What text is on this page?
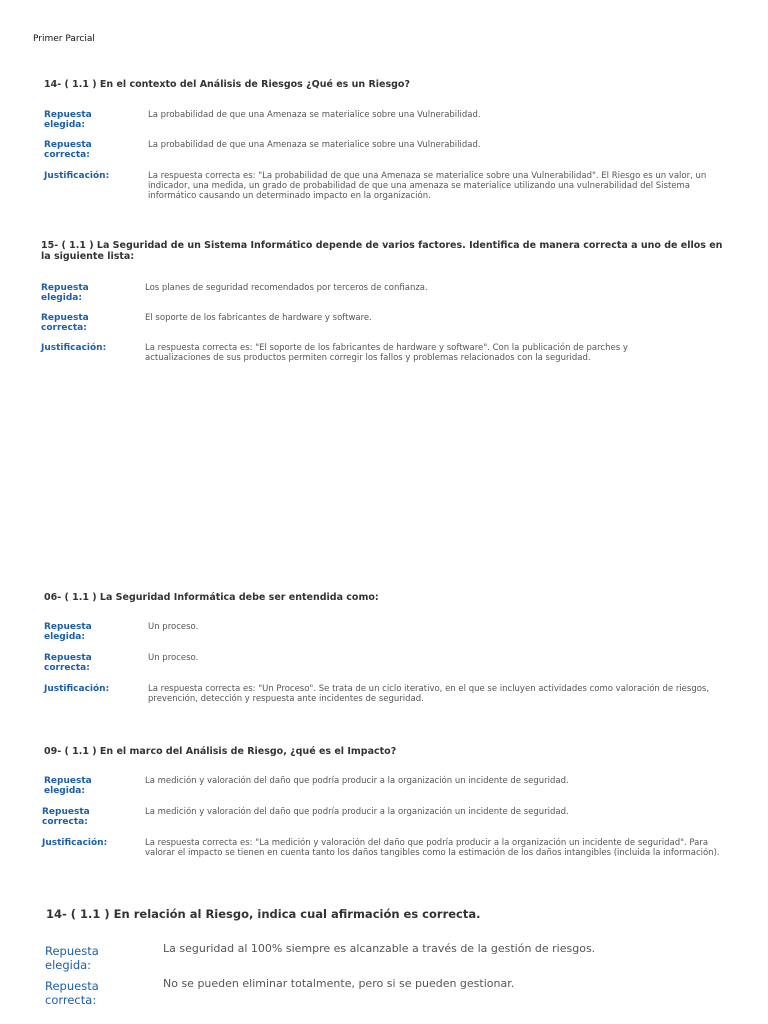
Primer Parcial
14- ( 1.1 ) En el contexto del Análisis de Riesgos ¿Qué es un Riesgo?
Repuesta elegida:
La probabilidad de que una Amenaza se materialice sobre una Vulnerabilidad.
Repuesta correcta:
La probabilidad de que una Amenaza se materialice sobre una Vulnerabilidad.
Justificación:	La respuesta correcta es: "La probabilidad de que una Amenaza se materialice sobre una Vulnerabilidad". El Riesgo es un valor, un indicador, una medida, un grado de probabilidad de que una amenaza se materialice utilizando una vulnerabilidad del Sistema informático causando un determinado impacto en la organización.
15- ( 1.1 ) La Seguridad de un Sistema Informático depende de varios factores. Identifica de manera correcta a uno de ellos en la siguiente lista:
Repuesta elegida:
Los planes de seguridad recomendados por terceros de confianza.
Repuesta correcta:
El soporte de los fabricantes de hardware y software.
Justificación:	La respuesta correcta es: "El soporte de los fabricantes de hardware y software". Con la publicación de parches y actualizaciones de sus productos permiten corregir los fallos y problemas relacionados con la seguridad.
06- ( 1.1 ) La Seguridad Informática debe ser entendida como:
Repuesta elegida:
Un proceso.
Repuesta correcta:
Un proceso.
Justificación:	La respuesta correcta es: "Un Proceso". Se trata de un ciclo iterativo, en el que se incluyen actividades como valoración de riesgos, prevención, detección y respuesta ante incidentes de seguridad.
09- ( 1.1 ) En el marco del Análisis de Riesgo, ¿qué es el Impacto?
Repuesta elegida:
La medición y valoración del daño que podría producir a la organización un incidente de seguridad.
Repuesta correcta:
La medición y valoración del daño que podría producir a la organización un incidente de seguridad.
Justificación:	La respuesta correcta es: "La medición y valoración del daño que podría producir a la organización un incidente de seguridad". Para valorar el impacto se tienen en cuenta tanto los daños tangibles como la estimación de los daños intangibles (incluida la información).
14- ( 1.1 ) En relación al Riesgo, indica cual afirmación es correcta.
Repuesta elegida:
La seguridad al 100% siempre es alcanzable a través de la gestión de riesgos.
Repuesta correcta:
No se pueden eliminar totalmente, pero si se pueden gestionar.
